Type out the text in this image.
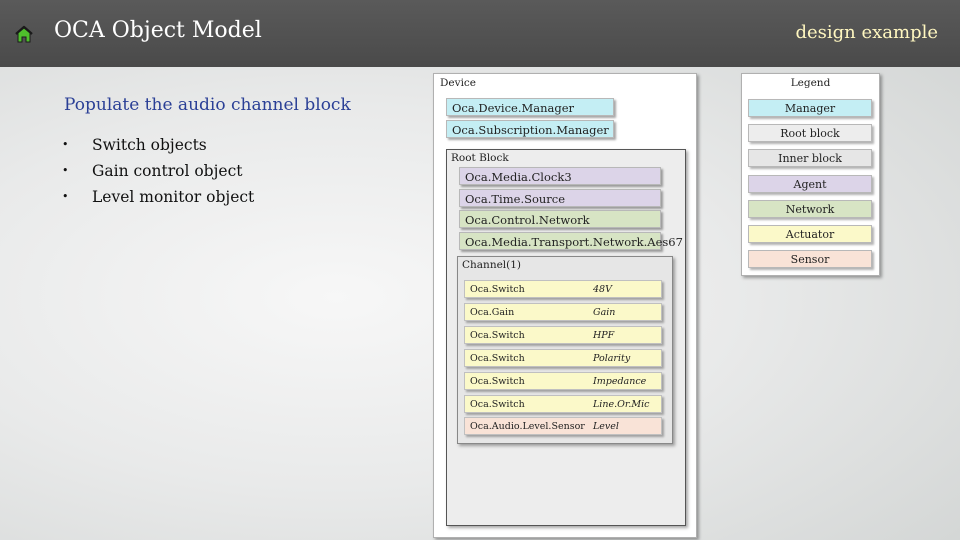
OCA Object Model	design example
Populate the audio channel block
• Switch objects
• Gain control object
• Level monitor object
Device
Oca.Device.Manager
Oca.Subscription.Manager
Root Block
Oca.Media.Clock3
Oca.Time.Source
Oca.Control.Network
Oca.Media.Transport.Network.Aes67
Channel(1)
Oca.Switch	48V
Oca.Gain	Gain
Oca.Switch	HPF
Oca.Switch	Polarity
Oca.Switch	Impedance
Oca.Switch	Line.Or.Mic
Oca.Audio.Level.Sensor Level
Legend
Manager
Root block
Inner block
Agent
Network
Actuator
Sensor
